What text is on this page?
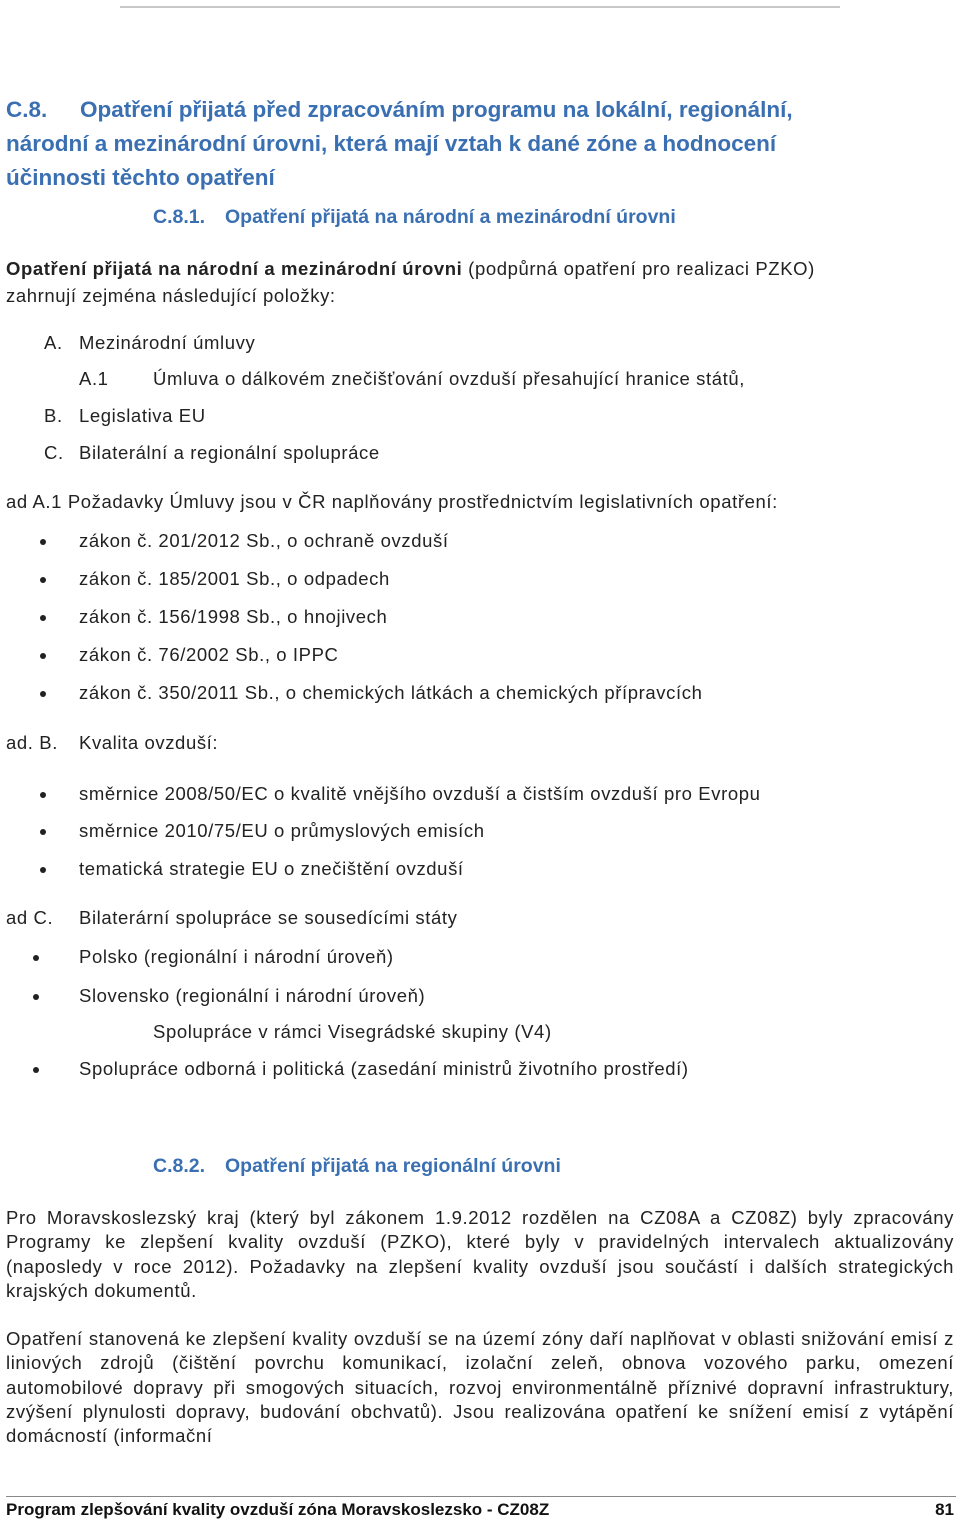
C.8. Opatření přijatá před zpracováním programu na lokální, regionální,
národní a mezinárodní úrovni, která mají vztah k dané zóne a hodnocení
účinnosti těchto opatření
C.8.1. Opatření přijatá na národní a mezinárodní úrovni
Opatření přijatá na národní a mezinárodní úrovni (podpůrná opatření pro realizaci PZKO)
zahrnují zejména následující položky:
A. Mezinárodní úmluvy
A.1 Úmluva o dálkovém znečišťování ovzduší přesahující hranice států,
B. Legislativa EU
C. Bilaterální a regionální spolupráce
ad A.1 Požadavky Úmluvy jsou v ČR naplňovány prostřednictvím legislativních opatření:
zákon č. 201/2012 Sb., o ochraně ovzduší
zákon č. 185/2001 Sb., o odpadech
zákon č. 156/1998 Sb., o hnojivech
zákon č. 76/2002 Sb., o IPPC
zákon č. 350/2011 Sb., o chemických látkách a chemických přípravcích
ad. B. Kvalita ovzduší:
směrnice 2008/50/EC o kvalitě vnějšího ovzduší a čistším ovzduší pro Evropu
směrnice 2010/75/EU o průmyslových emisích
tematická strategie EU o znečištění ovzduší
ad C. Bilaterární spolupráce se sousedícími státy
Polsko (regionální i národní úroveň)
Slovensko (regionální i národní úroveň)
Spolupráce v rámci Visegrádské skupiny (V4)
Spolupráce odborná i politická (zasedání ministrů životního prostředí)
C.8.2. Opatření přijatá na regionální úrovni
Pro Moravskoslezský kraj (který byl zákonem 1.9.2012 rozdělen na CZ08A a CZ08Z) byly zpracovány Programy ke zlepšení kvality ovzduší (PZKO), které byly v pravidelných intervalech aktualizovány (naposledy v roce 2012). Požadavky na zlepšení kvality ovzduší jsou součástí i dalších strategických krajských dokumentů.
Opatření stanovená ke zlepšení kvality ovzduší se na území zóny daří naplňovat v oblasti snižování emisí z liniových zdrojů (čištění povrchu komunikací, izolační zeleň, obnova vozového parku, omezení automobilové dopravy při smogových situacích, rozvoj environmentálně příznivé dopravní infrastruktury, zvýšení plynulosti dopravy, budování obchvatů). Jsou realizována opatření ke snížení emisí z vytápění domácností (informační
Program zlepšování kvality ovzduší zóna Moravskoslezsko - CZ08Z	81
